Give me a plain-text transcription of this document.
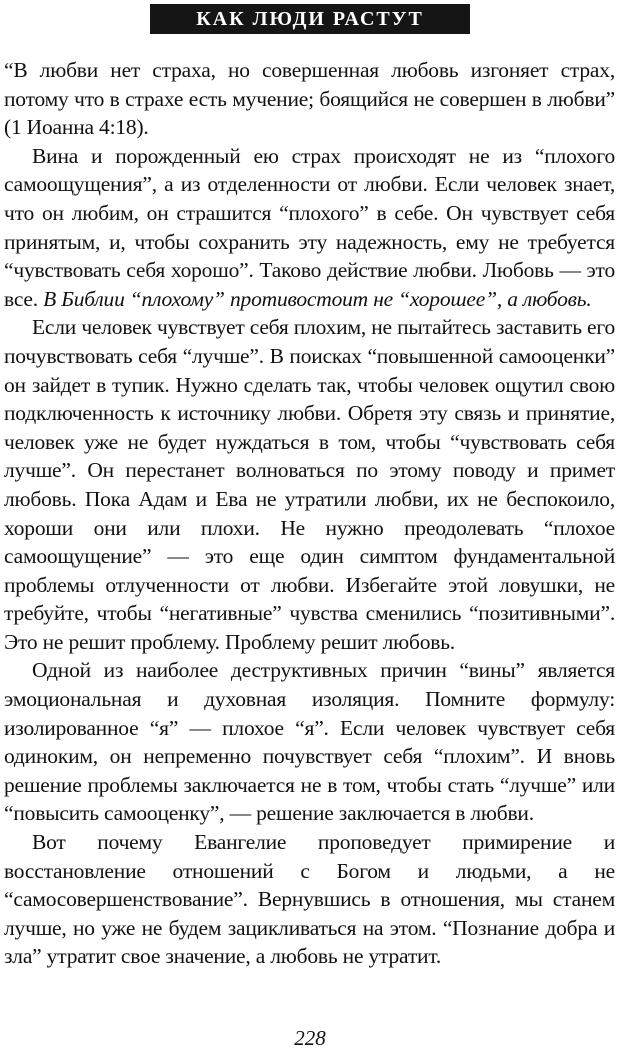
КАК ЛЮДИ РАСТУТ

“В любви нет страха, но совершенная любовь изгоняет страх, потому что в страхе есть мучение; боящийся не совершен в любви” (1 Иоанна 4:18).

Вина и порожденный ею страх происходят не из “плохого самоощущения”, а из отделенности от любви. Если человек знает, что он любим, он страшится “плохого” в себе. Он чувствует себя принятым, и, чтобы сохранить эту надежность, ему не требуется “чувствовать себя хорошо”. Таково действие любви. Любовь — это все. В Библии “плохому” противостоит не “хорошее”, а любовь.

Если человек чувствует себя плохим, не пытайтесь заставить его почувствовать себя “лучше”. В поисках “повышенной самооценки” он зайдет в тупик. Нужно сделать так, чтобы человек ощутил свою подключенность к источнику любви. Обретя эту связь и принятие, человек уже не будет нуждаться в том, чтобы “чувствовать себя лучше”. Он перестанет волноваться по этому поводу и примет любовь. Пока Адам и Ева не утратили любви, их не беспокоило, хороши они или плохи. Не нужно преодолевать “плохое самоощущение” — это еще один симптом фундаментальной проблемы отлученности от любви. Избегайте этой ловушки, не требуйте, чтобы “негативные” чувства сменились “позитивными”. Это не решит проблему. Проблему решит любовь.

Одной из наиболее деструктивных причин “вины” является эмоциональная и духовная изоляция. Помните формулу: изолированное “я” — плохое “я”. Если человек чувствует себя одиноким, он непременно почувствует себя “плохим”. И вновь решение проблемы заключается не в том, чтобы стать “лучше” или “повысить самооценку”, — решение заключается в любви.

Вот почему Евангелие проповедует примирение и восстановление отношений с Богом и людьми, а не “самосовершенствование”. Вернувшись в отношения, мы станем лучше, но уже не будем зацикливаться на этом. “Познание добра и зла” утратит свое значение, а любовь не утратит.

228
